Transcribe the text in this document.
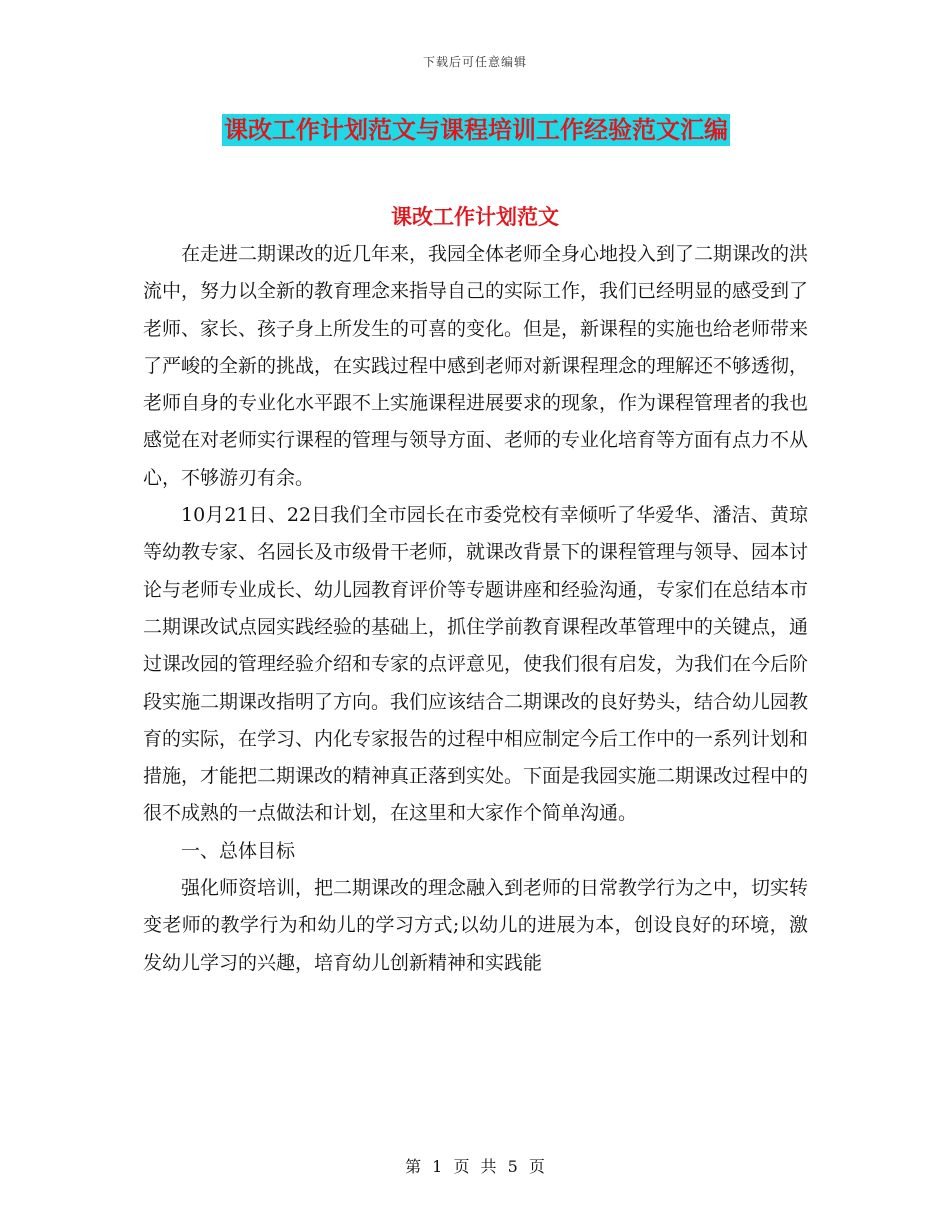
下载后可任意编辑
课改工作计划范文与课程培训工作经验范文汇编
课改工作计划范文

在走进二期课改的近几年来，我园全体老师全身心地投入到了二期课改的洪流中，努力以全新的教育理念来指导自己的实际工作，我们已经明显的感受到了老师、家长、孩子身上所发生的可喜的变化。但是，新课程的实施也给老师带来了严峻的全新的挑战，在实践过程中感到老师对新课程理念的理解还不够透彻，老师自身的专业化水平跟不上实施课程进展要求的现象，作为课程管理者的我也感觉在对老师实行课程的管理与领导方面、老师的专业化培育等方面有点力不从心，不够游刃有余。

10月21日、22日我们全市园长在市委党校有幸倾听了华爱华、潘洁、黄琼等幼教专家、名园长及市级骨干老师，就课改背景下的课程管理与领导、园本讨论与老师专业成长、幼儿园教育评价等专题讲座和经验沟通，专家们在总结本市二期课改试点园实践经验的基础上，抓住学前教育课程改革管理中的关键点，通过课改园的管理经验介绍和专家的点评意见，使我们很有启发，为我们在今后阶段实施二期课改指明了方向。我们应该结合二期课改的良好势头，结合幼儿园教育的实际，在学习、内化专家报告的过程中相应制定今后工作中的一系列计划和措施，才能把二期课改的精神真正落到实处。下面是我园实施二期课改过程中的很不成熟的一点做法和计划，在这里和大家作个简单沟通。

一、总体目标

强化师资培训，把二期课改的理念融入到老师的日常教学行为之中，切实转变老师的教学行为和幼儿的学习方式;以幼儿的进展为本，创设良好的环境，激发幼儿学习的兴趣，培育幼儿创新精神和实践能

第 1 页 共 5 页
